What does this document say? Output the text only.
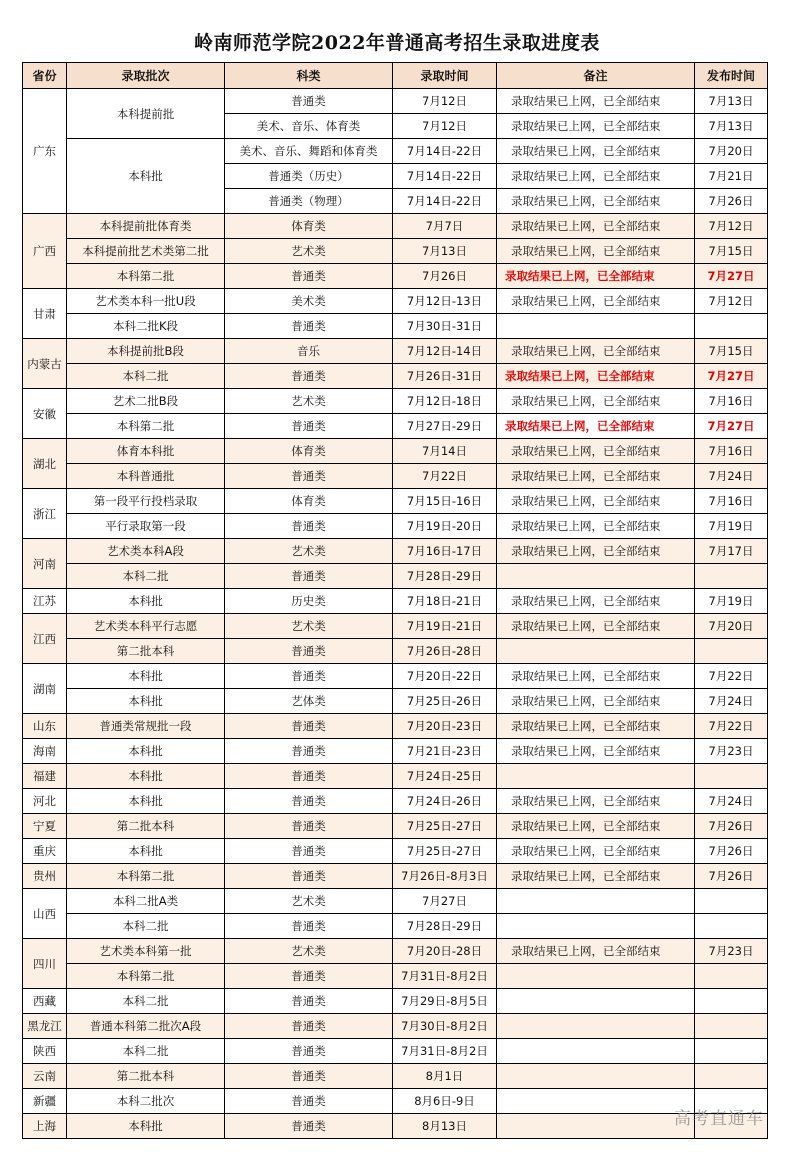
岭南师范学院2022年普通高考招生录取进度表
省份	录取批次	科类	录取时间	备注	发布时间
广东	本科提前批	普通类	7月12日	录取结果已上网，已全部结束	7月13日
		美术、音乐、体育类	7月12日	录取结果已上网，已全部结束	7月13日
	本科批	美术、音乐、舞蹈和体育类	7月14日-22日	录取结果已上网，已全部结束	7月20日
		普通类（历史）	7月14日-22日	录取结果已上网，已全部结束	7月21日
		普通类（物理）	7月14日-22日	录取结果已上网，已全部结束	7月26日
广西	本科提前批体育类	体育类	7月7日	录取结果已上网，已全部结束	7月12日
	本科提前批艺术类第二批	艺术类	7月13日	录取结果已上网，已全部结束	7月15日
	本科第二批	普通类	7月26日	录取结果已上网，已全部结束	7月27日
甘肃	艺术类本科一批U段	美术类	7月12日-13日	录取结果已上网，已全部结束	7月12日
	本科二批K段	普通类	7月30日-31日		
内蒙古	本科提前批B段	音乐	7月12日-14日	录取结果已上网，已全部结束	7月15日
	本科二批	普通类	7月26日-31日	录取结果已上网，已全部结束	7月27日
安徽	艺术二批B段	艺术类	7月12日-18日	录取结果已上网，已全部结束	7月16日
	本科第二批	普通类	7月27日-29日	录取结果已上网，已全部结束	7月27日
湖北	体育本科批	体育类	7月14日	录取结果已上网，已全部结束	7月16日
	本科普通批	普通类	7月22日	录取结果已上网，已全部结束	7月24日
浙江	第一段平行投档录取	体育类	7月15日-16日	录取结果已上网，已全部结束	7月16日
	平行录取第一段	普通类	7月19日-20日	录取结果已上网，已全部结束	7月19日
河南	艺术类本科A段	艺术类	7月16日-17日	录取结果已上网，已全部结束	7月17日
	本科二批	普通类	7月28日-29日		
江苏	本科批	历史类	7月18日-21日	录取结果已上网，已全部结束	7月19日
江西	艺术类本科平行志愿	艺术类	7月19日-21日	录取结果已上网，已全部结束	7月20日
	第二批本科	普通类	7月26日-28日		
湖南	本科批	普通类	7月20日-22日	录取结果已上网，已全部结束	7月22日
	本科批	艺体类	7月25日-26日	录取结果已上网，已全部结束	7月24日
山东	普通类常规批一段	普通类	7月20日-23日	录取结果已上网，已全部结束	7月22日
海南	本科批	普通类	7月21日-23日	录取结果已上网，已全部结束	7月23日
福建	本科批	普通类	7月24日-25日		
河北	本科批	普通类	7月24日-26日	录取结果已上网，已全部结束	7月24日
宁夏	第二批本科	普通类	7月25日-27日	录取结果已上网，已全部结束	7月26日
重庆	本科批	普通类	7月25日-27日	录取结果已上网，已全部结束	7月26日
贵州	本科第二批	普通类	7月26日-8月3日	录取结果已上网，已全部结束	7月26日
山西	本科二批A类	艺术类	7月27日		
	本科二批	普通类	7月28日-29日		
四川	艺术类本科第一批	艺术类	7月20日-28日	录取结果已上网，已全部结束	7月23日
	本科第二批	普通类	7月31日-8月2日		
西藏	本科二批	普通类	7月29日-8月5日		
黑龙江	普通本科第二批次A段	普通类	7月30日-8月2日		
陕西	本科二批	普通类	7月31日-8月2日		
云南	第二批本科	普通类	8月1日		
新疆	本科二批次	普通类	8月6日-9日		
上海	本科批	普通类	8月13日			高考直通车
